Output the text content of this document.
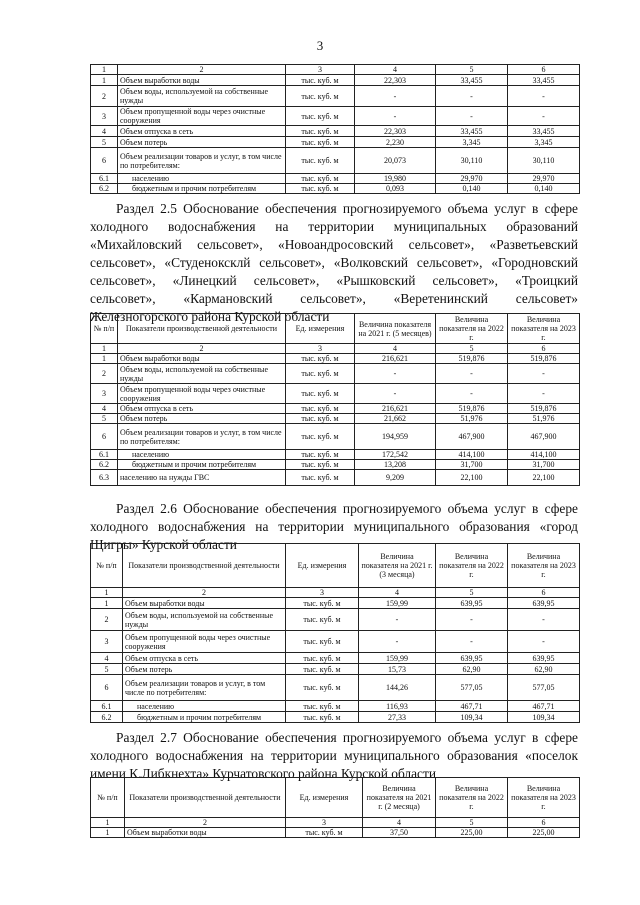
3
1	2	3	4	5	6
1	Объем выработки воды	тыс. куб. м	22,303	33,455	33,455
2	Объем воды, используемой на собственные нужды	тыс. куб. м	-	-	-
3	Объем пропущенной воды через очистные сооружения	тыс. куб. м	-	-	-
4	Объем отпуска в сеть	тыс. куб. м	22,303	33,455	33,455
5	Объем потерь	тыс. куб. м	2,230	3,345	3,345
6	Объем реализации товаров и услуг, в том числе по потребителям:	тыс. куб. м	20,073	30,110	30,110
6.1	населению	тыс. куб. м	19,980	29,970	29,970
6.2	бюджетным и прочим потребителям	тыс. куб. м	0,093	0,140	0,140

Раздел 2.5 Обоснование обеспечения прогнозируемого объема услуг в сфере холодного водоснабжения на территории муниципальных образований «Михайловский сельсовет», «Новоандросовский сельсовет», «Разветьевский сельсовет», «Студеноксклй сельсовет», «Волковский сельсовет», «Городновский сельсовет», «Линецкий сельсовет», «Рышковский сельсовет», «Троицкий сельсовет», «Кармановский сельсовет», «Веретенинский сельсовет» Железногорского района Курской области

№ п/п	Показатели производственной деятельности	Ед. измерения	Величина показателя на 2021 г. (5 месяцев)	Величина показателя на 2022 г.	Величина показателя на 2023 г.
1	2	3	4	5	6
1	Объем выработки воды	тыс. куб. м	216,621	519,876	519,876
2	Объем воды, используемой на собственные нужды	тыс. куб. м	-	-	-
3	Объем пропущенной воды через очистные сооружения	тыс. куб. м	-	-	-
4	Объем отпуска в сеть	тыс. куб. м	216,621	519,876	519,876
5	Объем потерь	тыс. куб. м	21,662	51,976	51,976
6	Объем реализации товаров и услуг, в том числе по потребителям:	тыс. куб. м	194,959	467,900	467,900
6.1	населению	тыс. куб. м	172,542	414,100	414,100
6.2	бюджетным и прочим потребителям	тыс. куб. м	13,208	31,700	31,700
6.3	населению на нужды ГВС	тыс. куб. м	9,209	22,100	22,100

Раздел 2.6 Обоснование обеспечения прогнозируемого объема услуг в сфере холодного водоснабжения на территории муниципального образования «город Щигры» Курской области

№ п/п	Показатели производственной деятельности	Ед. измерения	Величина показателя на 2021 г. (3 месяца)	Величина показателя на 2022 г.	Величина показателя на 2023 г.
1	2	3	4	5	6
1	Объем выработки воды	тыс. куб. м	159,99	639,95	639,95
2	Объем воды, используемой на собственные нужды	тыс. куб. м	-	-	-
3	Объем пропущенной воды через очистные сооружения	тыс. куб. м	-	-	-
4	Объем отпуска в сеть	тыс. куб. м	159,99	639,95	639,95
5	Объем потерь	тыс. куб. м	15,73	62,90	62,90
6	Объем реализации товаров и услуг, в том числе по потребителям:	тыс. куб. м	144,26	577,05	577,05
6.1	населению	тыс. куб. м	116,93	467,71	467,71
6.2	бюджетным и прочим потребителям	тыс. куб. м	27,33	109,34	109,34

Раздел 2.7 Обоснование обеспечения прогнозируемого объема услуг в сфере холодного водоснабжения на территории муниципального образования «поселок имени К.Либкнехта» Курчатовского района Курской области

№ п/п	Показатели производственной деятельности	Ед. измерения	Величина показателя на 2021 г. (2 месяца)	Величина показателя на 2022 г.	Величина показателя на 2023 г.
1	2	3	4	5	6
1	Объем выработки воды	тыс. куб. м	37,50	225,00	225,00
